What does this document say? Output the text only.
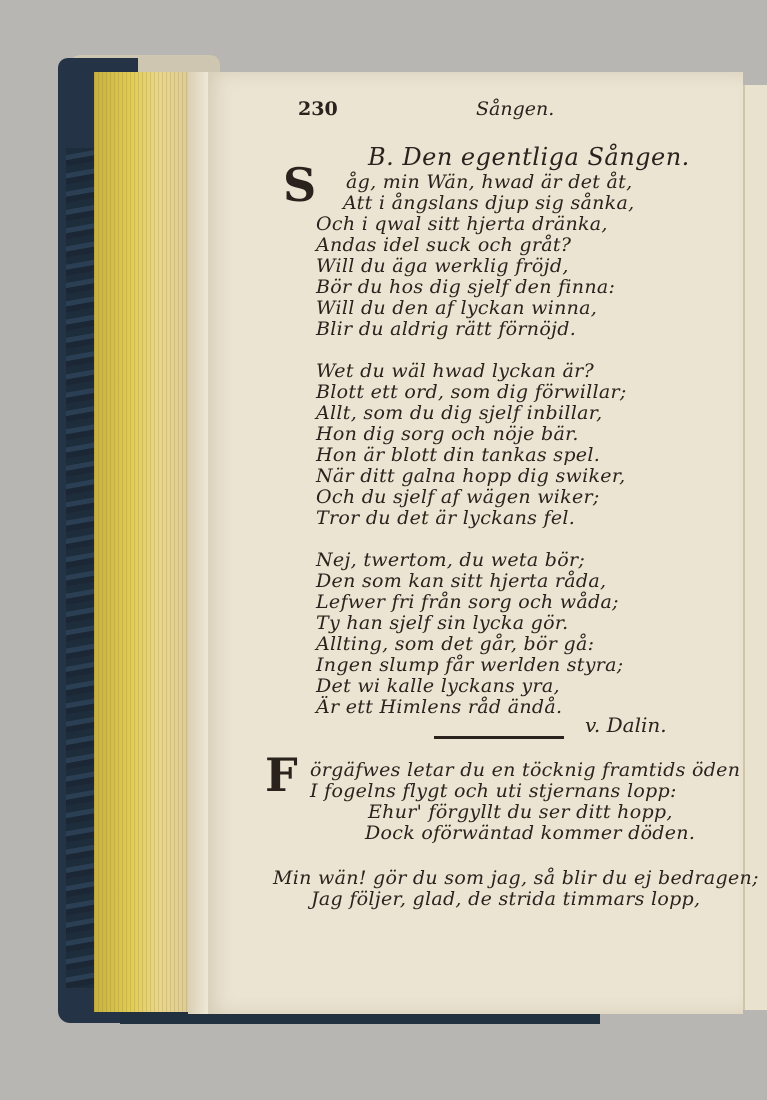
230	Sången.
B. Den egentliga Sången.
S åg, min Wän, hwad är det åt,
Att i ångslans djup sig sånka,
Och i qwal sitt hjerta dränka,
Andas idel suck och gråt?
Will du äga werklig fröjd,
Bör du hos dig sjelf den finna:
Will du den af lyckan winna,
Blir du aldrig rätt förnöjd.
Wet du wäl hwad lyckan är?
Blott ett ord, som dig förwillar;
Allt, som du dig sjelf inbillar,
Hon dig sorg och nöje bär.
Hon är blott din tankas spel.
När ditt galna hopp dig swiker,
Och du sjelf af wägen wiker;
Tror du det är lyckans fel.
Nej, twertom, du weta bör;
Den som kan sitt hjerta råda,
Lefwer fri från sorg och wåda;
Ty han sjelf sin lycka gör.
Allting, som det går, bör gå:
Ingen slump får werlden styra;
Det wi kalle lyckans yra,
Är ett Himlens råd ändå.
v. Dalin.
F örgäfwes letar du en töcknig framtids öden
I fogelns flygt och uti stjernans lopp:
Ehur' förgyllt du ser ditt hopp,
Dock oförwäntad kommer döden.
Min wän! gör du som jag, så blir du ej bedragen;
Jag följer, glad, de strida timmars lopp,
